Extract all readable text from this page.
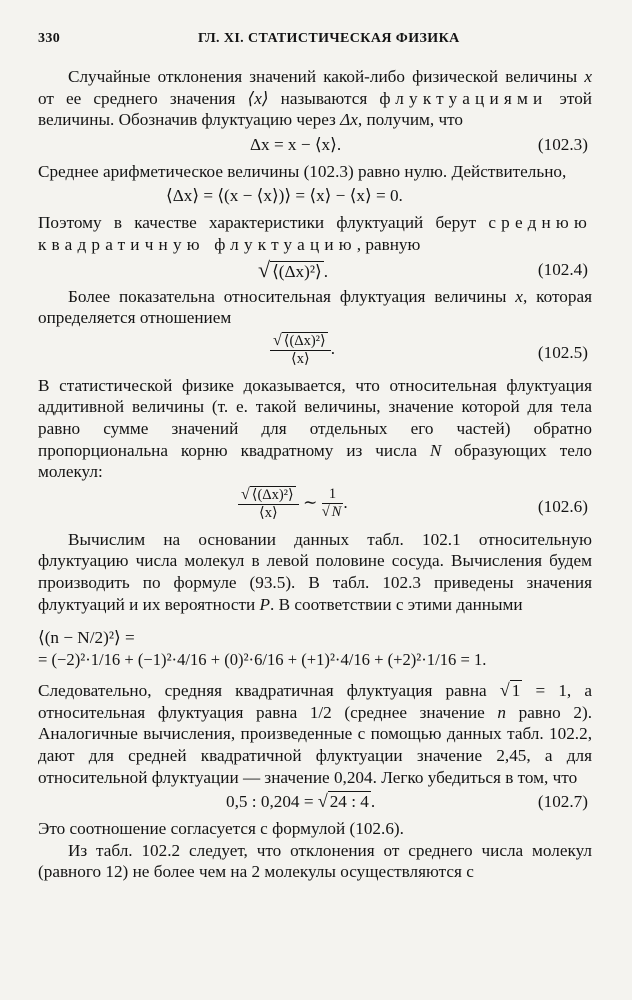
330	ГЛ. XI. СТАТИСТИЧЕСКАЯ ФИЗИКА

Случайные отклонения значений какой-либо физической величины x от ее среднего значения ⟨x⟩ называются флуктуациями этой величины. Обозначив флуктуацию через Δx, получим, что

Δx = x − ⟨x⟩.	(102.3)

Среднее арифметическое величины (102.3) равно нулю. Действительно,

⟨Δx⟩ = ⟨(x − ⟨x⟩)⟩ = ⟨x⟩ − ⟨x⟩ = 0.

Поэтому в качестве характеристики флуктуаций берут среднюю квадратичную флуктуацию, равную

√ ⟨(Δx)²⟩ .	(102.4)

Более показательна относительная флуктуация величины x, которая определяется отношением

$\frac{\text{√ ⟨(Δx)²⟩}}{⟨x⟩}$ .	(102.5)

В статистической физике доказывается, что относительная флуктуация аддитивной величины (т. е. такой величины, значение которой для тела равно сумме значений для отдельных его частей) обратно пропорциональна корню квадратному из числа N образующих тело молекул:

$\frac{\text{√ ⟨(Δx)²⟩}}{⟨x⟩}$ ∼ $\frac{1}{√ N}$ .	(102.6)

Вычислим на основании данных табл. 102.1 относительную флуктуацию числа молекул в левой половине сосуда. Вычисления будем производить по формуле (93.5). В табл. 102.3 приведены значения флуктуаций и их вероятности P. В соответствии с этими данными

⟨(n − N/2)²⟩ =
= (−2)²·1/16 + (−1)²·4/16 + (0)²·6/16 + (+1)²·4/16 + (+2)²·1/16 = 1.

Следовательно, средняя квадратичная флуктуация равна √ 1 = 1, а относительная флуктуация равна 1/2 (среднее значение n равно 2). Аналогичные вычисления, произведенные с помощью данных табл. 102.2, дают для средней квадратичной флуктуации значение 2,45, а для относительной флуктуации — значение 0,204. Легко убедиться в том, что

0,5 : 0,204 = √ 24 : 4 .	(102.7)

Это соотношение согласуется с формулой (102.6).

Из табл. 102.2 следует, что отклонения от среднего числа молекул (равного 12) не более чем на 2 молекулы осуществляются с
